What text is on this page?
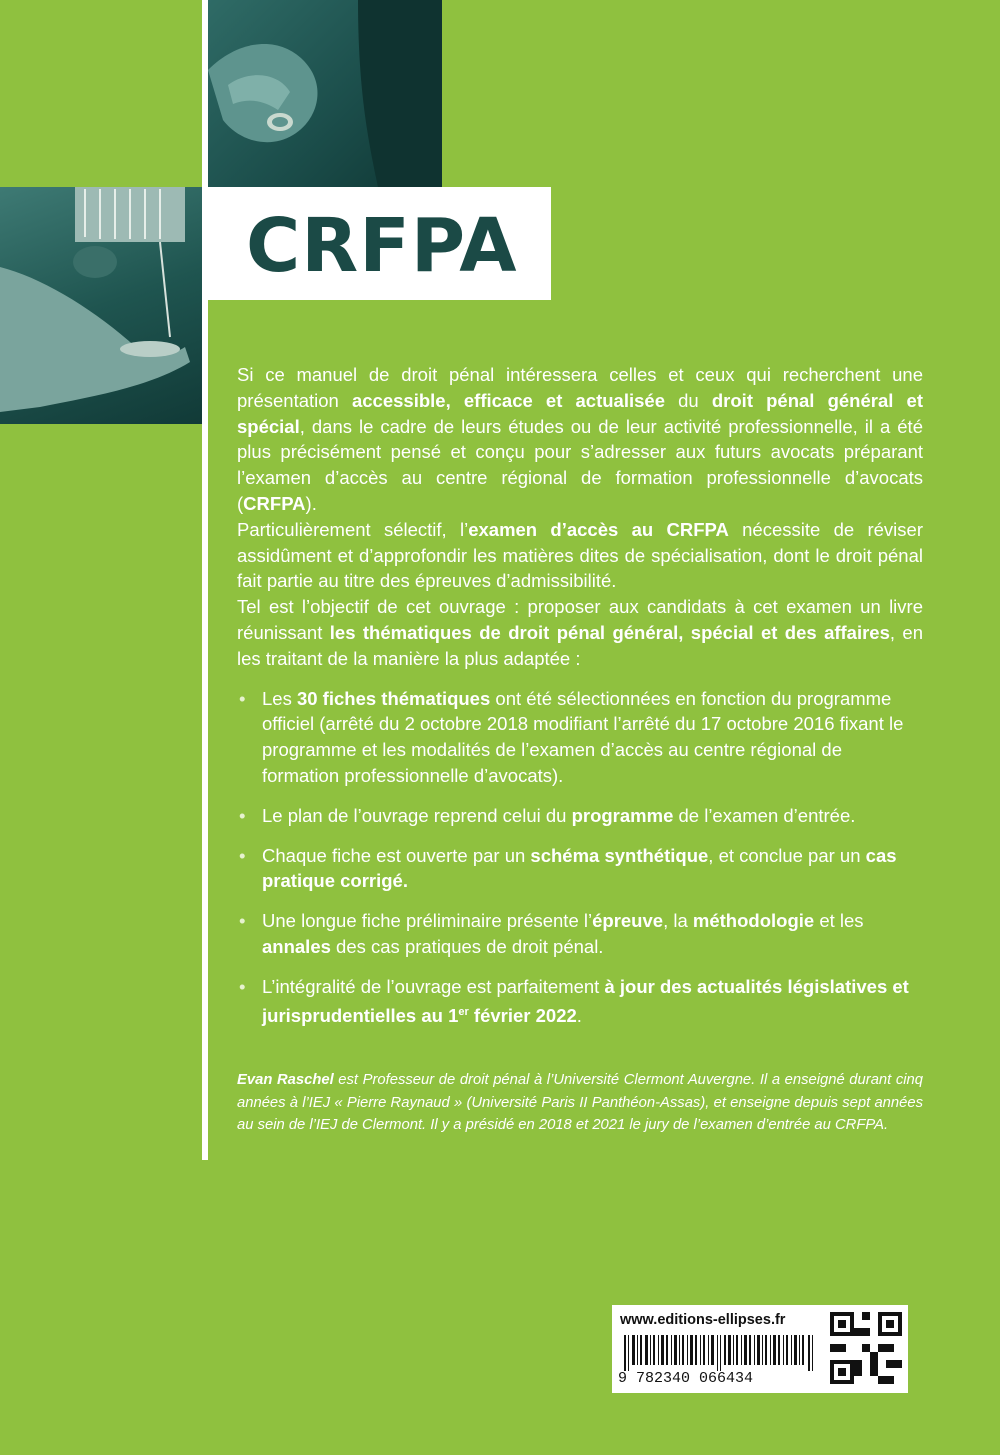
CRFPA

Si ce manuel de droit pénal intéressera celles et ceux qui recherchent une présentation accessible, efficace et actualisée du droit pénal général et spécial, dans le cadre de leurs études ou de leur activité professionnelle, il a été plus précisément pensé et conçu pour s’adresser aux futurs avocats préparant l’examen d’accès au centre régional de formation professionnelle d’avocats (CRFPA).

Particulièrement sélectif, l’examen d’accès au CRFPA nécessite de réviser assidûment et d’approfondir les matières dites de spécialisation, dont le droit pénal fait partie au titre des épreuves d’admissibilité.

Tel est l’objectif de cet ouvrage : proposer aux candidats à cet examen un livre réunissant les thématiques de droit pénal général, spécial et des affaires, en les traitant de la manière la plus adaptée :

• Les 30 fiches thématiques ont été sélectionnées en fonction du programme officiel (arrêté du 2 octobre 2018 modifiant l’arrêté du 17 octobre 2016 fixant le programme et les modalités de l’examen d’accès au centre régional de formation professionnelle d’avocats).
• Le plan de l’ouvrage reprend celui du programme de l’examen d’entrée.
• Chaque fiche est ouverte par un schéma synthétique, et conclue par un cas pratique corrigé.
• Une longue fiche préliminaire présente l’épreuve, la méthodologie et les annales des cas pratiques de droit pénal.
• L’intégralité de l’ouvrage est parfaitement à jour des actualités législatives et jurisprudentielles au 1er février 2022.
Evan Raschel est Professeur de droit pénal à l’Université Clermont Auvergne. Il a enseigné durant cinq années à l’IEJ « Pierre Raynaud » (Université Paris II Panthéon-Assas), et enseigne depuis sept années au sein de l’IEJ de Clermont. Il y a présidé en 2018 et 2021 le jury de l’examen d’entrée au CRFPA.
www.editions-ellipses.fr
9 782340 066434
